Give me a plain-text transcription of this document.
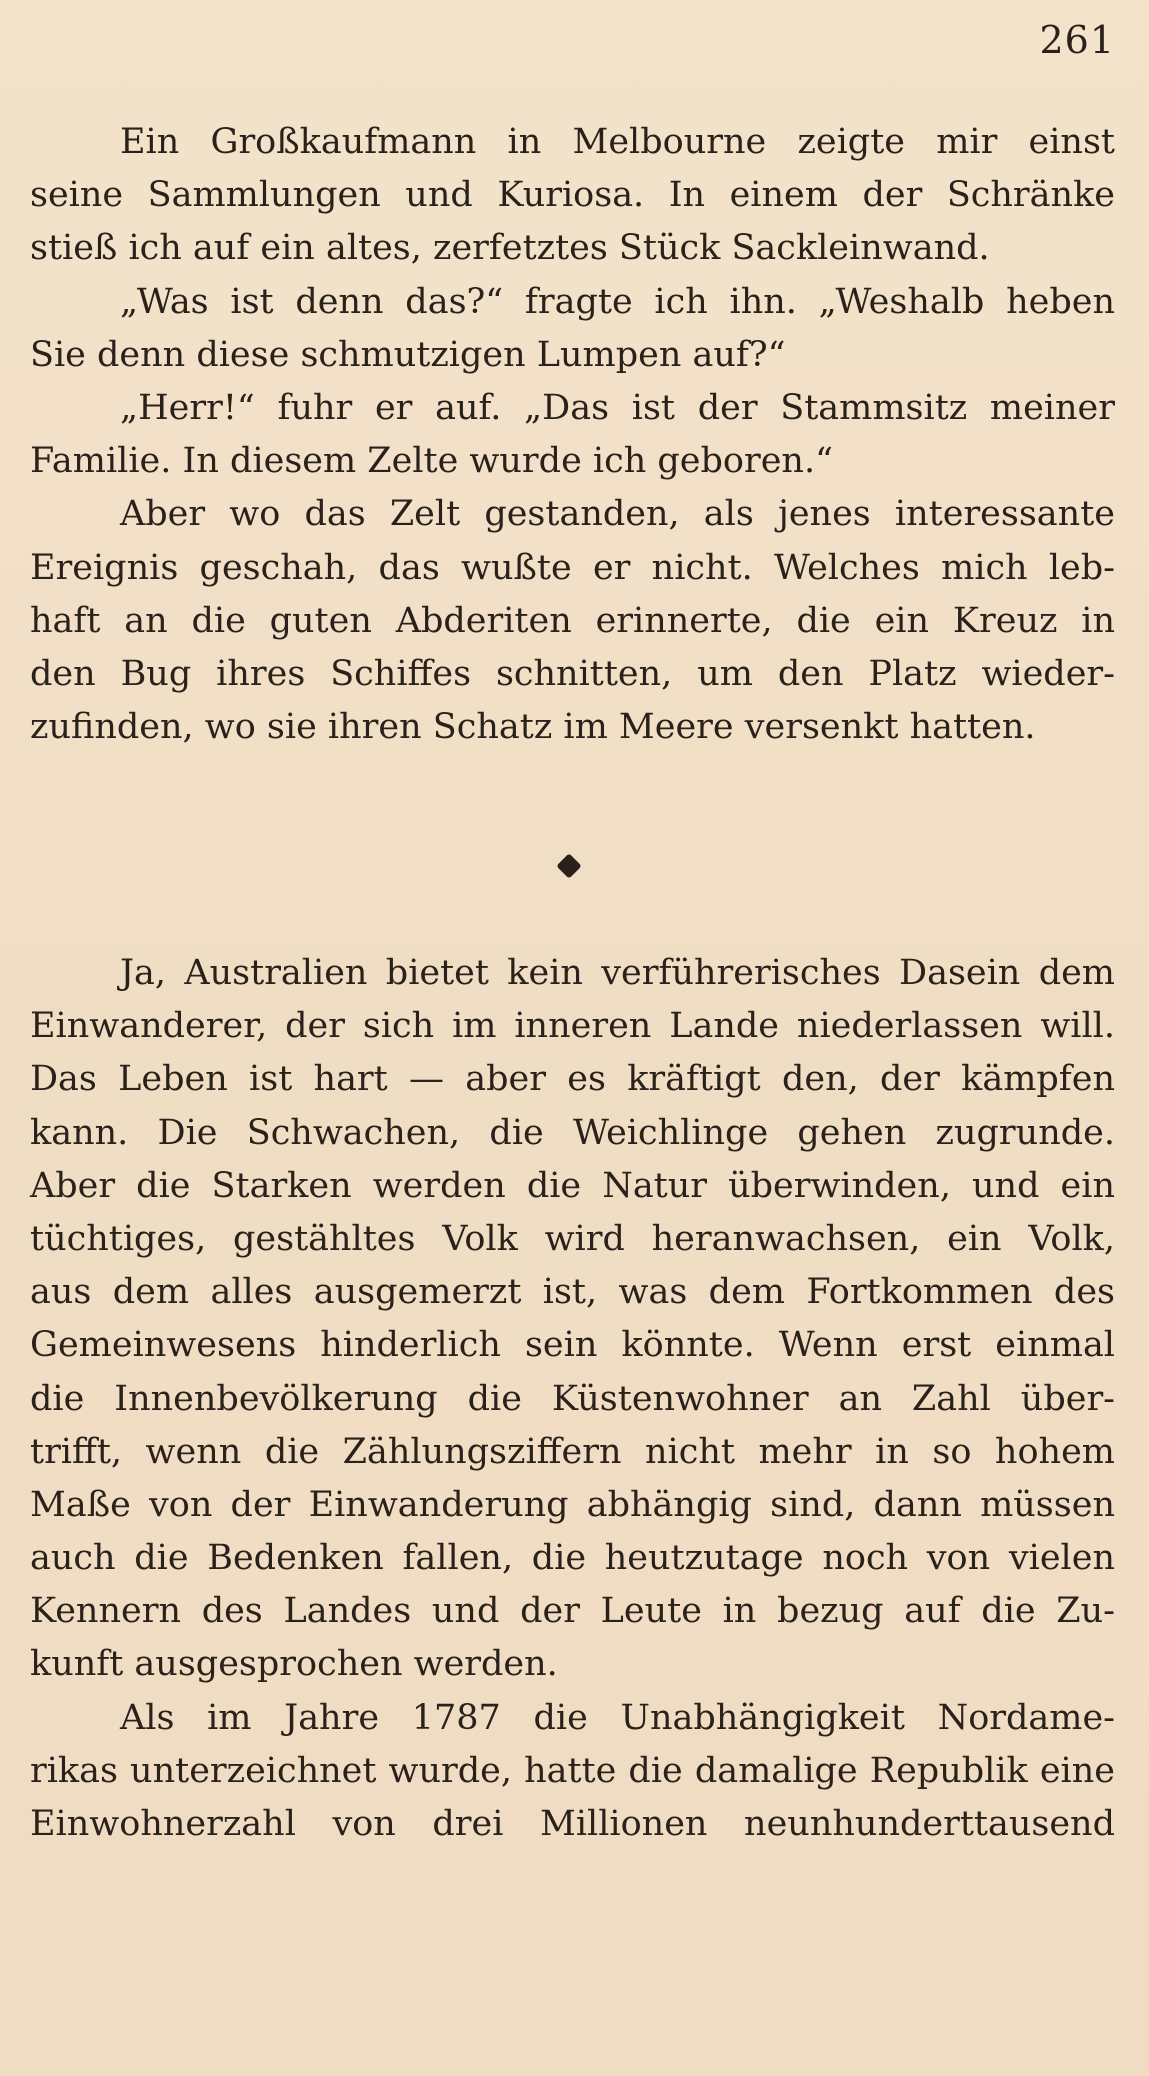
261
Ein Großkaufmann in Melbourne zeigte mir einst
seine Sammlungen und Kuriosa. In einem der Schränke
stieß ich auf ein altes, zerfetztes Stück Sackleinwand.
„Was ist denn das?“ fragte ich ihn. „Weshalb heben
Sie denn diese schmutzigen Lumpen auf?“
„Herr!“ fuhr er auf. „Das ist der Stammsitz meiner
Familie. In diesem Zelte wurde ich geboren.“
Aber wo das Zelt gestanden, als jenes interessante
Ereignis geschah, das wußte er nicht. Welches mich leb-
haft an die guten Abderiten erinnerte, die ein Kreuz in
den Bug ihres Schiffes schnitten, um den Platz wieder-
zufinden, wo sie ihren Schatz im Meere versenkt hatten.
Ja, Australien bietet kein verführerisches Dasein dem
Einwanderer, der sich im inneren Lande niederlassen will.
Das Leben ist hart — aber es kräftigt den, der kämpfen
kann. Die Schwachen, die Weichlinge gehen zugrunde.
Aber die Starken werden die Natur überwinden, und ein
tüchtiges, gestähltes Volk wird heranwachsen, ein Volk,
aus dem alles ausgemerzt ist, was dem Fortkommen des
Gemeinwesens hinderlich sein könnte. Wenn erst einmal
die Innenbevölkerung die Küstenwohner an Zahl über-
trifft, wenn die Zählungsziffern nicht mehr in so hohem
Maße von der Einwanderung abhängig sind, dann müssen
auch die Bedenken fallen, die heutzutage noch von vielen
Kennern des Landes und der Leute in bezug auf die Zu-
kunft ausgesprochen werden.
Als im Jahre 1787 die Unabhängigkeit Nordame-
rikas unterzeichnet wurde, hatte die damalige Republik eine
Einwohnerzahl von drei Millionen neunhunderttausend
